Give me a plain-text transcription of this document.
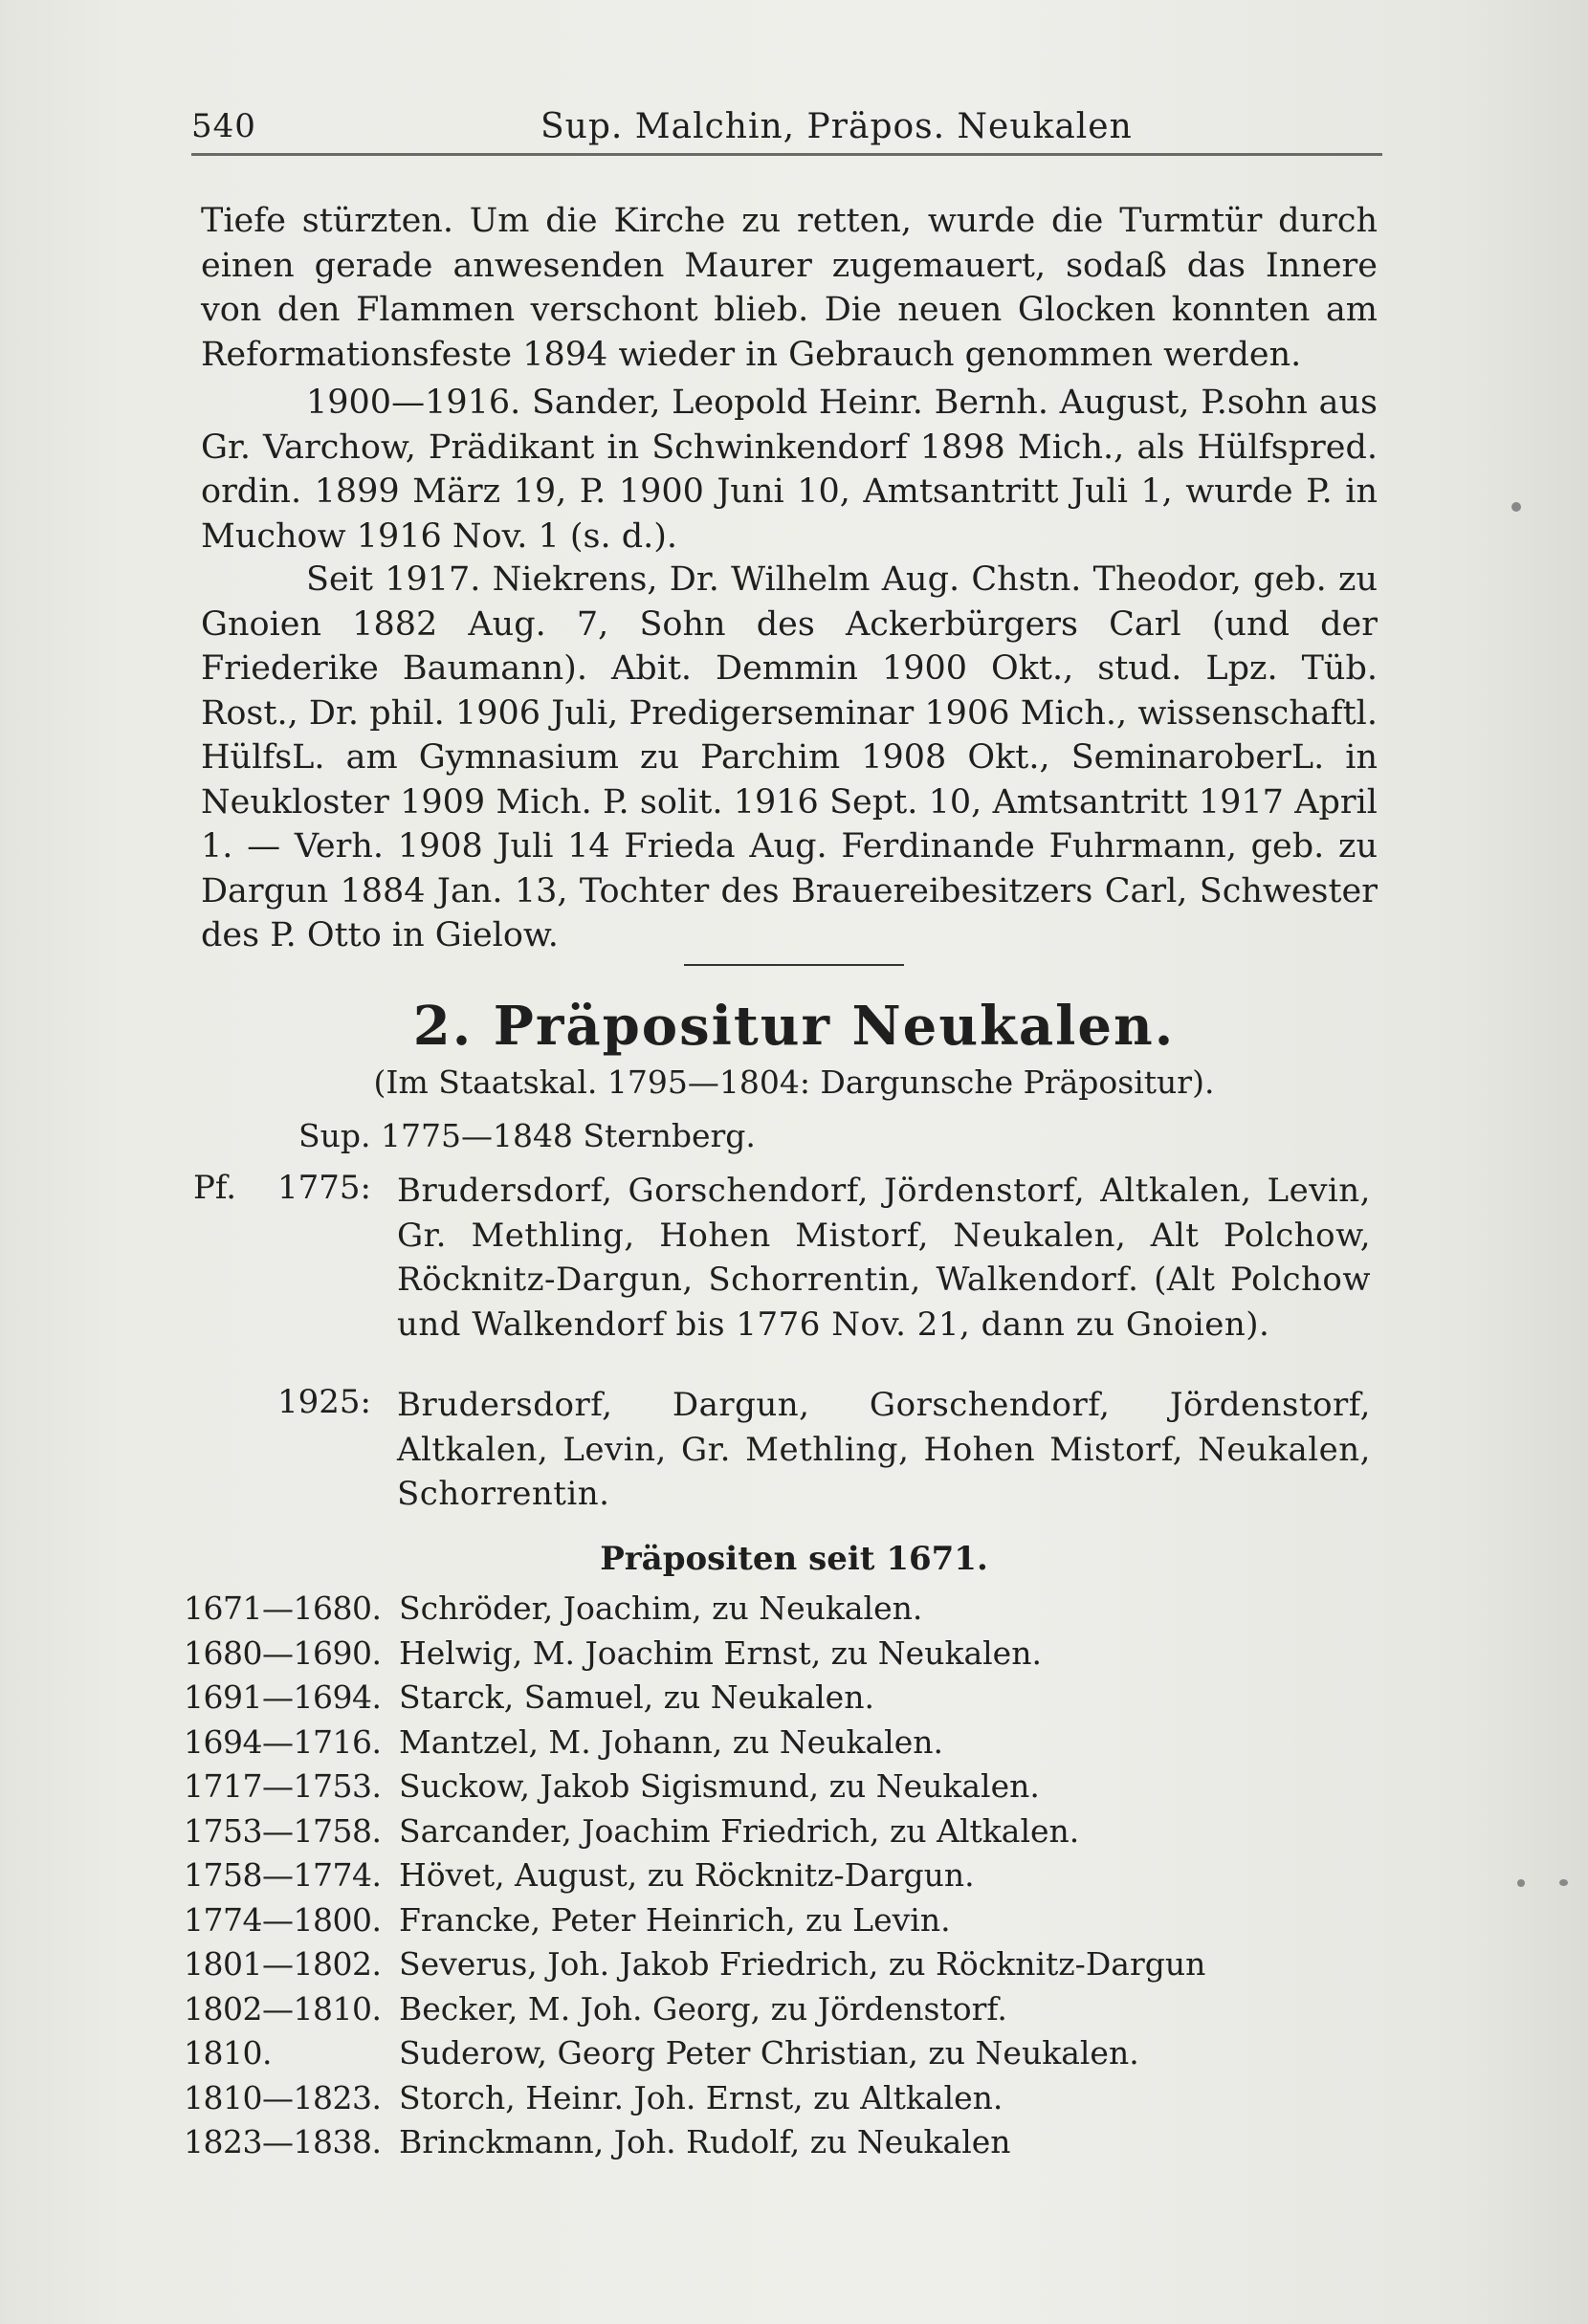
540	Sup. Malchin, Präpos. Neukalen
Tiefe stürzten. Um die Kirche zu retten, wurde die Turmtür durch einen gerade anwesenden Maurer zugemauert, sodaß das Innere von den Flammen verschont blieb. Die neuen Glocken konnten am Reformationsfeste 1894 wieder in Gebrauch genommen werden.
1900—1916. Sander, Leopold Heinr. Bernh. August, P.sohn aus Gr. Varchow, Prädikant in Schwinkendorf 1898 Mich., als Hülfspred. ordin. 1899 März 19, P. 1900 Juni 10, Amtsantritt Juli 1, wurde P. in Muchow 1916 Nov. 1 (s. d.).
Seit 1917. Niekrens, Dr. Wilhelm Aug. Chstn. Theodor, geb. zu Gnoien 1882 Aug. 7, Sohn des Ackerbürgers Carl (und der Friederike Baumann). Abit. Demmin 1900 Okt., stud. Lpz. Tüb. Rost., Dr. phil. 1906 Juli, Predigerseminar 1906 Mich., wissenschaftl. HülfsL. am Gymnasium zu Parchim 1908 Okt., SeminaroberL. in Neukloster 1909 Mich. P. solit. 1916 Sept. 10, Amtsantritt 1917 April 1. — Verh. 1908 Juli 14 Frieda Aug. Ferdinande Fuhrmann, geb. zu Dargun 1884 Jan. 13, Tochter des Brauereibesitzers Carl, Schwester des P. Otto in Gielow.
2. Präpositur Neukalen.
(Im Staatskal. 1795—1804: Dargunsche Präpositur).
Sup. 1775—1848 Sternberg.
Pf. 1775: Brudersdorf, Gorschendorf, Jördenstorf, Altkalen, Levin, Gr. Methling, Hohen Mistorf, Neukalen, Alt Polchow, Röcknitz-Dargun, Schorrentin, Walkendorf. (Alt Polchow und Walkendorf bis 1776 Nov. 21, dann zu Gnoien).
1925: Brudersdorf, Dargun, Gorschendorf, Jördenstorf, Altkalen, Levin, Gr. Methling, Hohen Mistorf, Neukalen, Schorrentin.
Präpositen seit 1671.
1671—1680. Schröder, Joachim, zu Neukalen.
1680—1690. Helwig, M. Joachim Ernst, zu Neukalen.
1691—1694. Starck, Samuel, zu Neukalen.
1694—1716. Mantzel, M. Johann, zu Neukalen.
1717—1753. Suckow, Jakob Sigismund, zu Neukalen.
1753—1758. Sarcander, Joachim Friedrich, zu Altkalen.
1758—1774. Hövet, August, zu Röcknitz-Dargun.
1774—1800. Francke, Peter Heinrich, zu Levin.
1801—1802. Severus, Joh. Jakob Friedrich, zu Röcknitz-Dargun
1802—1810. Becker, M. Joh. Georg, zu Jördenstorf.
1810.	Suderow, Georg Peter Christian, zu Neukalen.
1810—1823. Storch, Heinr. Joh. Ernst, zu Altkalen.
1823—1838. Brinckmann, Joh. Rudolf, zu Neukalen
